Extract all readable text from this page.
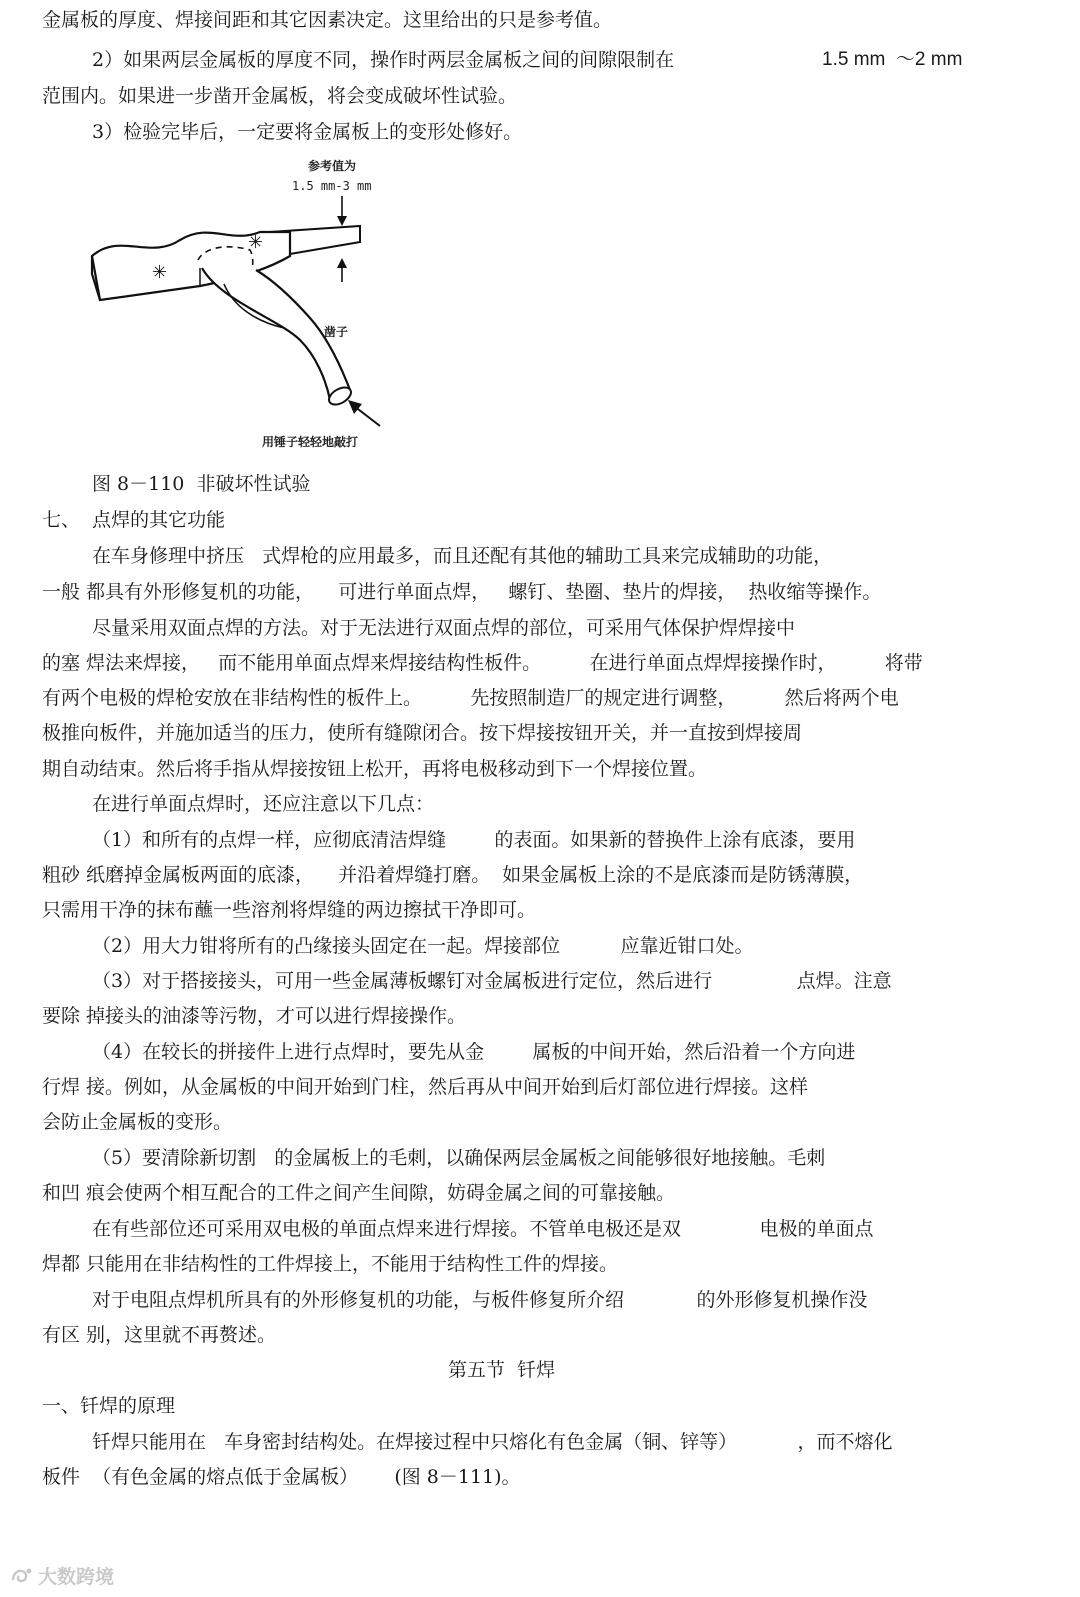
金属板的厚度、焊接间距和其它因素决定。这里给出的只是参考值。
2）如果两层金属板的厚度不同，操作时两层金属板之间的间隙限制在	1.5 mm  ～2 mm
范围内。如果进一步凿开金属板，将会变成破坏性试验。
3）检验完毕后，一定要将金属板上的变形处修好。
参考值为
1.5 mm-3 mm
✳
✳
凿子
用锤子轻轻地敲打
图 8－110  非破坏性试验
七、  点焊的其它功能
在车身修理中挤压   式焊枪的应用最多，而且还配有其他的辅助工具来完成辅助的功能，
一般 都具有外形修复机的功能，    可进行单面点焊，   螺钉、垫圈、垫片的焊接，  热收缩等操作。
尽量采用双面点焊的方法。对于无法进行双面点焊的部位，可采用气体保护焊焊接中
的塞 焊法来焊接，   而不能用单面点焊来焊接结构性板件。        在进行单面点焊焊接操作时，        将带
有两个电极的焊枪安放在非结构性的板件上。        先按照制造厂的规定进行调整，        然后将两个电
极推向板件，并施加适当的压力，使所有缝隙闭合。按下焊接按钮开关，并一直按到焊接周
期自动结束。然后将手指从焊接按钮上松开，再将电极移动到下一个焊接位置。
在进行单面点焊时，还应注意以下几点：
（1）和所有的点焊一样，应彻底清洁焊缝        的表面。如果新的替换件上涂有底漆，要用
粗砂 纸磨掉金属板两面的底漆，    并沿着焊缝打磨。  如果金属板上涂的不是底漆而是防锈薄膜，
只需用干净的抹布蘸一些溶剂将焊缝的两边擦拭干净即可。
（2）用大力钳将所有的凸缘接头固定在一起。焊接部位          应靠近钳口处。
（3）对于搭接接头，可用一些金属薄板螺钉对金属板进行定位，然后进行              点焊。注意
要除 掉接头的油漆等污物，才可以进行焊接操作。
（4）在较长的拼接件上进行点焊时，要先从金        属板的中间开始，然后沿着一个方向进
行焊 接。例如，从金属板的中间开始到门柱，然后再从中间开始到后灯部位进行焊接。这样
会防止金属板的变形。
（5）要清除新切割   的金属板上的毛刺，以确保两层金属板之间能够很好地接触。毛刺
和凹 痕会使两个相互配合的工件之间产生间隙，妨碍金属之间的可靠接触。
在有些部位还可采用双电极的单面点焊来进行焊接。不管单电极还是双             电极的单面点
焊都 只能用在非结构性的工件焊接上，不能用于结构性工件的焊接。
对于电阻点焊机所具有的外形修复机的功能，与板件修复所介绍            的外形修复机操作没
有区 别，这里就不再赘述。
第五节  钎焊
一、钎焊的原理
钎焊只能用在   车身密封结构处。在焊接过程中只熔化有色金属（铜、锌等）          ，而不熔化
板件  （有色金属的熔点低于金属板）      (图 8－111)。
大数跨境
